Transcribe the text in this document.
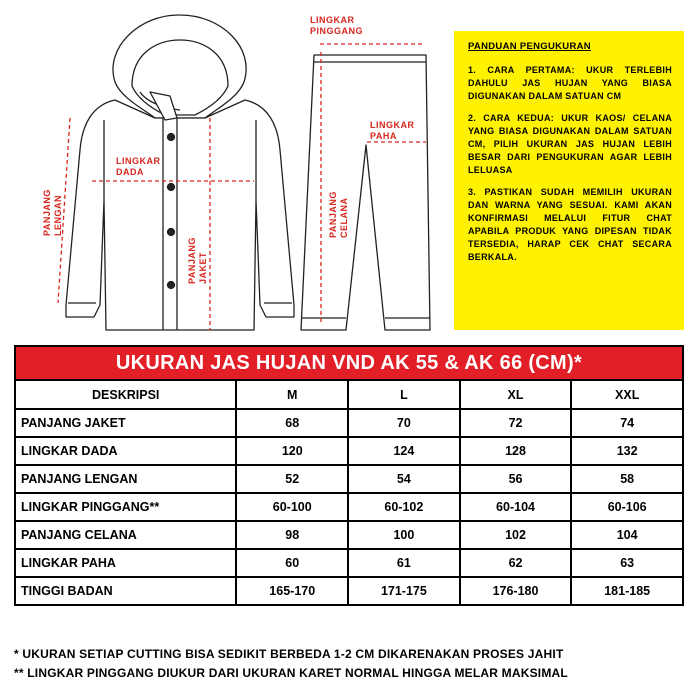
LINGKAR DADA
PANJANGLENGAN
PANJANGJAKET
LINGKAR PINGGANG
LINGKAR PAHA
PANJANGCELANA
PANDUAN PENGUKURAN

1. CARA PERTAMA: UKUR TERLEBIH DAHULU JAS HUJAN YANG BIASA DIGUNAKAN DALAM SATUAN CM

2. CARA KEDUA: UKUR KAOS/ CELANA YANG BIASA DIGUNAKAN DALAM SATUAN CM, PILIH UKURAN JAS HUJAN LEBIH BESAR DARI PENGUKURAN AGAR LEBIH LELUASA

3. PASTIKAN SUDAH MEMILIH UKURAN DAN WARNA YANG SESUAI. KAMI AKAN KONFIRMASI MELALUI FITUR CHAT APABILA PRODUK YANG DIPESAN TIDAK TERSEDIA, HARAP CEK CHAT SECARA BERKALA.

UKURAN JAS HUJAN VND AK 55 & AK 66 (CM)*				
DESKRIPSI	M	L	XL	XXL
PANJANG JAKET	68	70	72	74
LINGKAR DADA	120	124	128	132
PANJANG LENGAN	52	54	56	58
LINGKAR PINGGANG**	60-100	60-102	60-104	60-106
PANJANG CELANA	98	100	102	104
LINGKAR PAHA	60	61	62	63
TINGGI BADAN	165-170	171-175	176-180	181-185
* UKURAN SETIAP CUTTING BISA SEDIKIT BERBEDA 1-2 CM DIKARENAKAN PROSES JAHIT
** LINGKAR PINGGANG DIUKUR DARI UKURAN KARET NORMAL HINGGA MELAR MAKSIMAL
